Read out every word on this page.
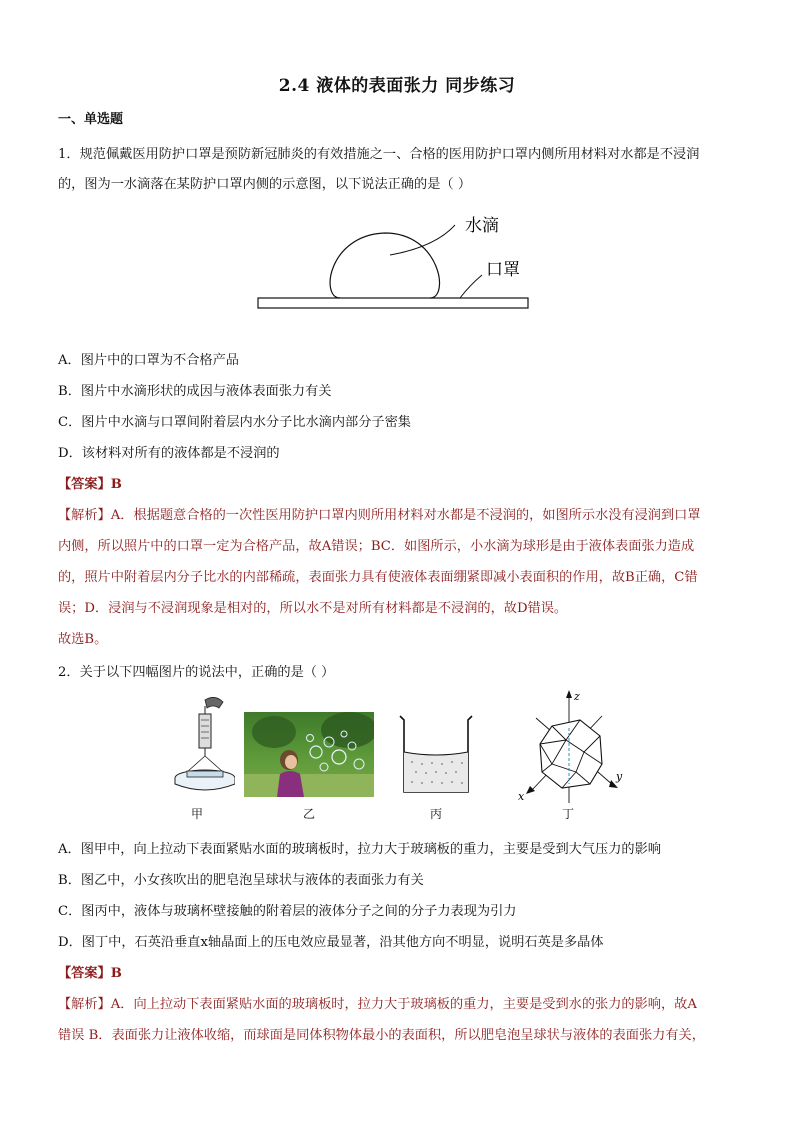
2.4 液体的表面张力 同步练习
一、单选题
1．规范佩戴医用防护口罩是预防新冠肺炎的有效措施之一、合格的医用防护口罩内侧所用材料对水都是不浸润
的，图为一水滴落在某防护口罩内侧的示意图，以下说法正确的是（ ）
水滴
口罩
A．图片中的口罩为不合格产品
B．图片中水滴形状的成因与液体表面张力有关
C．图片中水滴与口罩间附着层内水分子比水滴内部分子密集
D．该材料对所有的液体都是不浸润的
【答案】B
【解析】A．根据题意合格的一次性医用防护口罩内则所用材料对水都是不浸润的，如图所示水没有浸润到口罩
内侧，所以照片中的口罩一定为合格产品，故A错误；BC．如图所示，小水滴为球形是由于液体表面张力造成
的，照片中附着层内分子比水的内部稀疏，表面张力具有使液体表面绷紧即减小表面积的作用，故B正确，C错
误；D．浸润与不浸润现象是相对的，所以水不是对所有材料都是不浸润的，故D错误。
故选B。
2．关于以下四幅图片的说法中，正确的是（ ）
z
x
y
甲	乙	丙	丁
A．图甲中，向上拉动下表面紧贴水面的玻璃板时，拉力大于玻璃板的重力，主要是受到大气压力的影响
B．图乙中，小女孩吹出的肥皂泡呈球状与液体的表面张力有关
C．图丙中，液体与玻璃杯壁接触的附着层的液体分子之间的分子力表现为引力
D．图丁中，石英沿垂直x轴晶面上的压电效应最显著，沿其他方向不明显，说明石英是多晶体
【答案】B
【解析】A．向上拉动下表面紧贴水面的玻璃板时，拉力大于玻璃板的重力，主要是受到水的张力的影响，故A
错误 B．表面张力让液体收缩，而球面是同体积物体最小的表面积，所以肥皂泡呈球状与液体的表面张力有关，
